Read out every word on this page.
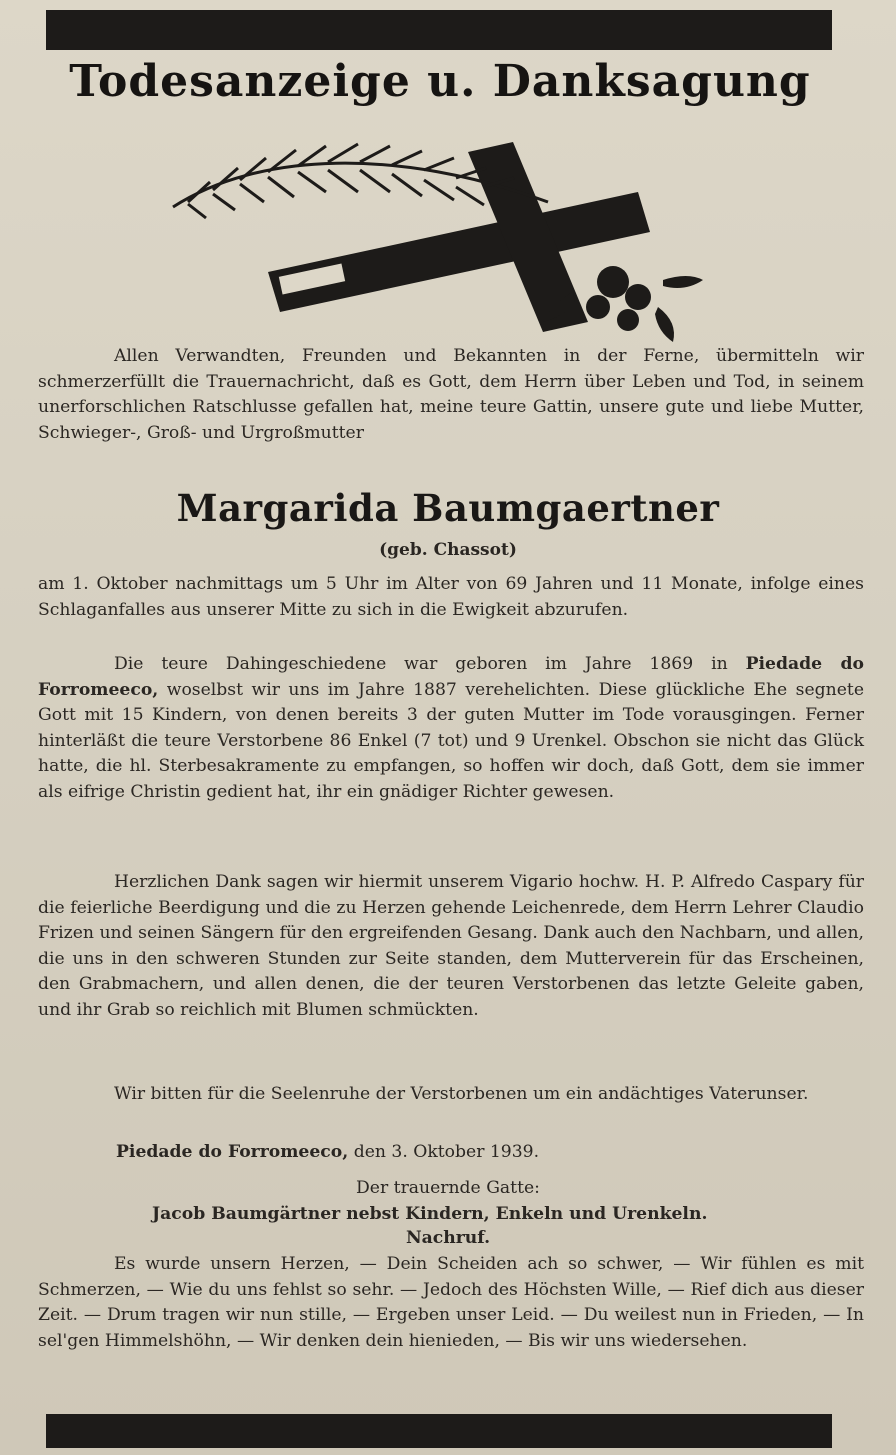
Todesanzeige u. Danksagung

Allen Verwandten, Freunden und Bekannten in der Ferne, übermitteln wir schmerzerfüllt die Trauernachricht, daß es Gott, dem Herrn über Leben und Tod, in seinem unerforschlichen Ratschlusse gefallen hat, meine teure Gattin, unsere gute und liebe Mutter, Schwieger-, Groß- und Urgroßmutter

Margarida Baumgaertner

(geb. Chassot)

am 1. Oktober nachmittags um 5 Uhr im Alter von 69 Jahren und 11 Monate, infolge eines Schlaganfalles aus unserer Mitte zu sich in die Ewigkeit abzurufen.

Die teure Dahingeschiedene war geboren im Jahre 1869 in Piedade do Forromeeco, woselbst wir uns im Jahre 1887 verehelichten. Diese glückliche Ehe segnete Gott mit 15 Kindern, von denen bereits 3 der guten Mutter im Tode vorausgingen. Ferner hinterläßt die teure Verstorbene 86 Enkel (7 tot) und 9 Urenkel. Obschon sie nicht das Glück hatte, die hl. Sterbesakramente zu empfangen, so hoffen wir doch, daß Gott, dem sie immer als eifrige Christin gedient hat, ihr ein gnädiger Richter gewesen.

Herzlichen Dank sagen wir hiermit unserem Vigario hochw. H. P. Alfredo Caspary für die feierliche Beerdigung und die zu Herzen gehende Leichenrede, dem Herrn Lehrer Claudio Frizen und seinen Sängern für den ergreifenden Gesang. Dank auch den Nachbarn, und allen, die uns in den schweren Stunden zur Seite standen, dem Mutterverein für das Erscheinen, den Grabmachern, und allen denen, die der teuren Verstorbenen das letzte Geleite gaben, und ihr Grab so reichlich mit Blumen schmückten.

Wir bitten für die Seelenruhe der Verstorbenen um ein andächtiges Vaterunser.

Piedade do Forromeeco, den 3. Oktober 1939.

Der trauernde Gatte:

Jacob Baumgärtner nebst Kindern, Enkeln und Urenkeln.

Nachruf.

Es wurde unsern Herzen, — Dein Scheiden ach so schwer, — Wir fühlen es mit Schmerzen, — Wie du uns fehlst so sehr. — Jedoch des Höchsten Wille, — Rief dich aus dieser Zeit. — Drum tragen wir nun stille, — Ergeben unser Leid. — Du weilest nun in Frieden, — In sel'gen Himmelshöhn, — Wir denken dein hienieden, — Bis wir uns wiedersehen.
